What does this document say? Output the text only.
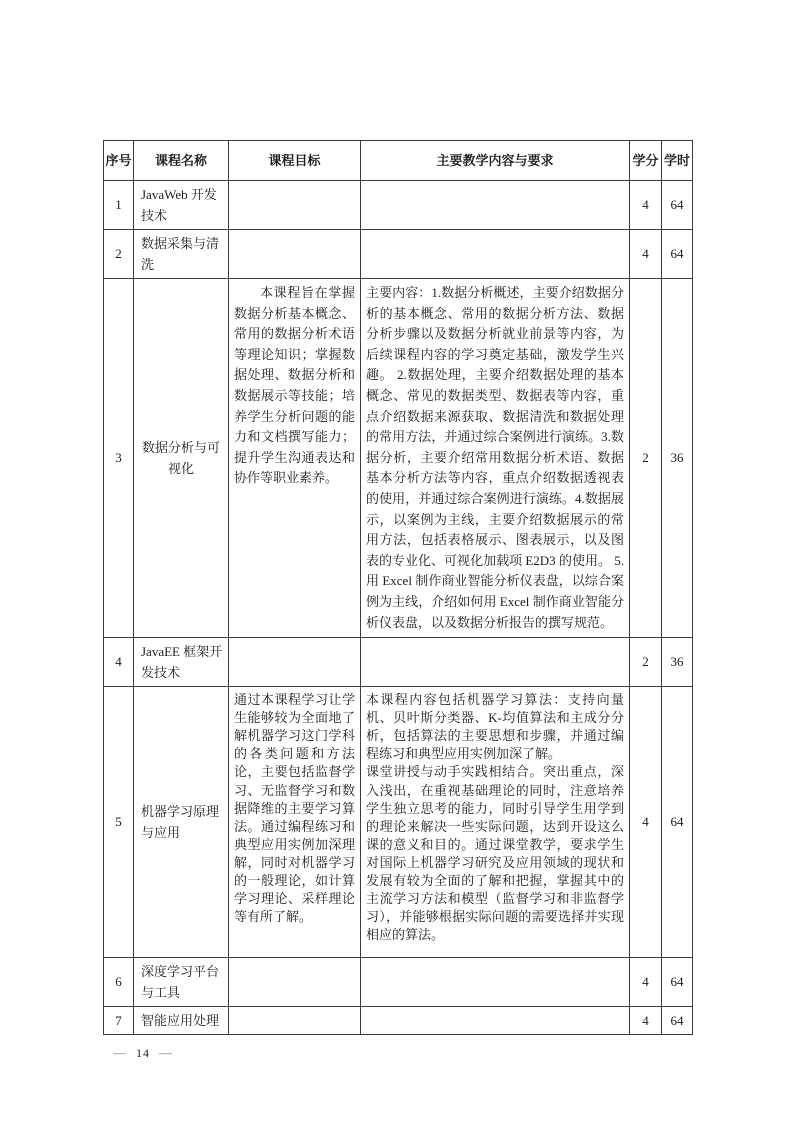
序号	课程名称	课程目标	主要教学内容与要求	学分	学时
1	JavaWeb 开发技术			4	64
2	数据采集与清洗			4	64
3	数据分析与可视化	本课程旨在掌握数据分析基本概念、常用的数据分析术语等理论知识；掌握数据处理、数据分析和数据展示等技能；培养学生分析问题的能力和文档撰写能力；提升学生沟通表达和协作等职业素养。	主要内容：1.数据分析概述，主要介绍数据分析的基本概念、常用的数据分析方法、数据分析步骤以及数据分析就业前景等内容，为后续课程内容的学习奠定基础，激发学生兴趣。 2.数据处理，主要介绍数据处理的基本概念、常见的数据类型、数据表等内容，重点介绍数据来源获取、数据清洗和数据处理的常用方法，并通过综合案例进行演练。3.数据分析，主要介绍常用数据分析术语、数据基本分析方法等内容，重点介绍数据透视表的使用，并通过综合案例进行演练。4.数据展示，以案例为主线，主要介绍数据展示的常用方法，包括表格展示、图表展示，以及图表的专业化、可视化加载项 E2D3 的使用。 5.用 Excel 制作商业智能分析仪表盘，以综合案例为主线，介绍如何用 Excel 制作商业智能分析仪表盘，以及数据分析报告的撰写规范。	2	36
4	JavaEE 框架开发技术			2	36
5	机器学习原理与应用	通过本课程学习让学生能够较为全面地了解机器学习这门学科的各类问题和方法论，主要包括监督学习、无监督学习和数据降维的主要学习算法。通过编程练习和典型应用实例加深理解，同时对机器学习的一般理论，如计算学习理论、采样理论等有所了解。	本课程内容包括机器学习算法：支持向量机、贝叶斯分类器、K-均值算法和主成分分析，包括算法的主要思想和步骤，并通过编程练习和典型应用实例加深了解。

课堂讲授与动手实践相结合。突出重点，深入浅出，在重视基础理论的同时，注意培养学生独立思考的能力，同时引导学生用学到的理论来解决一些实际问题，达到开设这么课的意义和目的。通过课堂教学，要求学生对国际上机器学习研究及应用领域的现状和发展有较为全面的了解和把握，掌握其中的主流学习方法和模型（监督学习和非监督学习），并能够根据实际问题的需要选择并实现相应的算法。	4	64
6	深度学习平台与工具			4	64
7	智能应用处理			4	64
— 14 —
